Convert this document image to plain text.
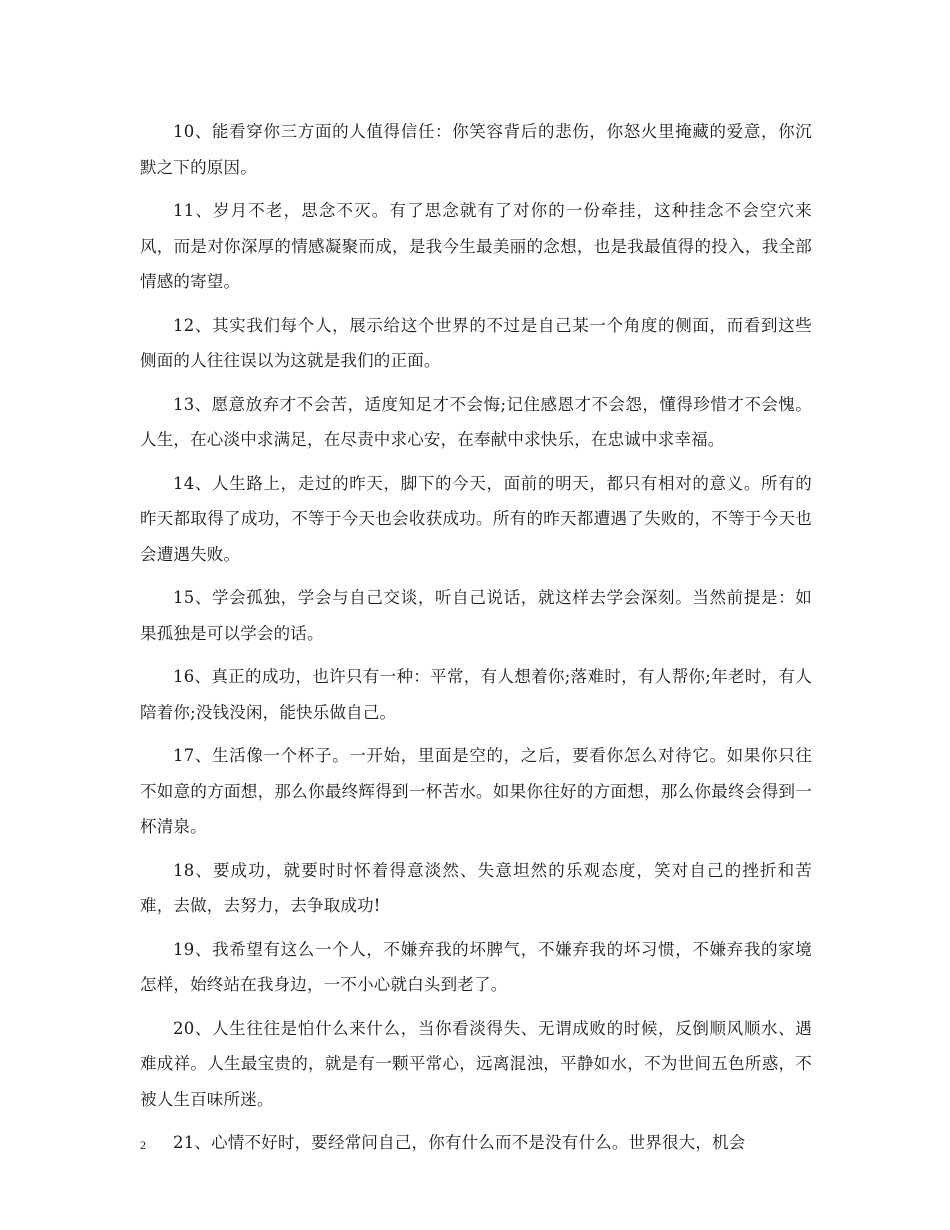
10、能看穿你三方面的人值得信任：你笑容背后的悲伤，你怒火里掩藏的爱意，你沉默之下的原因。

11、岁月不老，思念不灭。有了思念就有了对你的一份牵挂，这种挂念不会空穴来风，而是对你深厚的情感凝聚而成，是我今生最美丽的念想，也是我最值得的投入，我全部情感的寄望。

12、其实我们每个人，展示给这个世界的不过是自己某一个角度的侧面，而看到这些侧面的人往往误以为这就是我们的正面。

13、愿意放弃才不会苦，适度知足才不会悔;记住感恩才不会怨，懂得珍惜才不会愧。人生，在心淡中求满足，在尽责中求心安，在奉献中求快乐，在忠诚中求幸福。

14、人生路上，走过的昨天，脚下的今天，面前的明天，都只有相对的意义。所有的昨天都取得了成功，不等于今天也会收获成功。所有的昨天都遭遇了失败的，不等于今天也会遭遇失败。

15、学会孤独，学会与自己交谈，听自己说话，就这样去学会深刻。当然前提是：如果孤独是可以学会的话。

16、真正的成功，也许只有一种：平常，有人想着你;落难时，有人帮你;年老时，有人陪着你;没钱没闲，能快乐做自己。

17、生活像一个杯子。一开始，里面是空的，之后，要看你怎么对待它。如果你只往不如意的方面想，那么你最终辉得到一杯苦水。如果你往好的方面想，那么你最终会得到一杯清泉。

18、要成功，就要时时怀着得意淡然、失意坦然的乐观态度，笑对自己的挫折和苦难，去做，去努力，去争取成功!

19、我希望有这么一个人，不嫌弃我的坏脾气，不嫌弃我的坏习惯，不嫌弃我的家境怎样，始终站在我身边，一不小心就白头到老了。

20、人生往往是怕什么来什么，当你看淡得失、无谓成败的时候，反倒顺风顺水、遇难成祥。人生最宝贵的，就是有一颗平常心，远离混浊，平静如水，不为世间五色所惑，不被人生百味所迷。

21、心情不好时，要经常问自己，你有什么而不是没有什么。世界很大，机会

2
